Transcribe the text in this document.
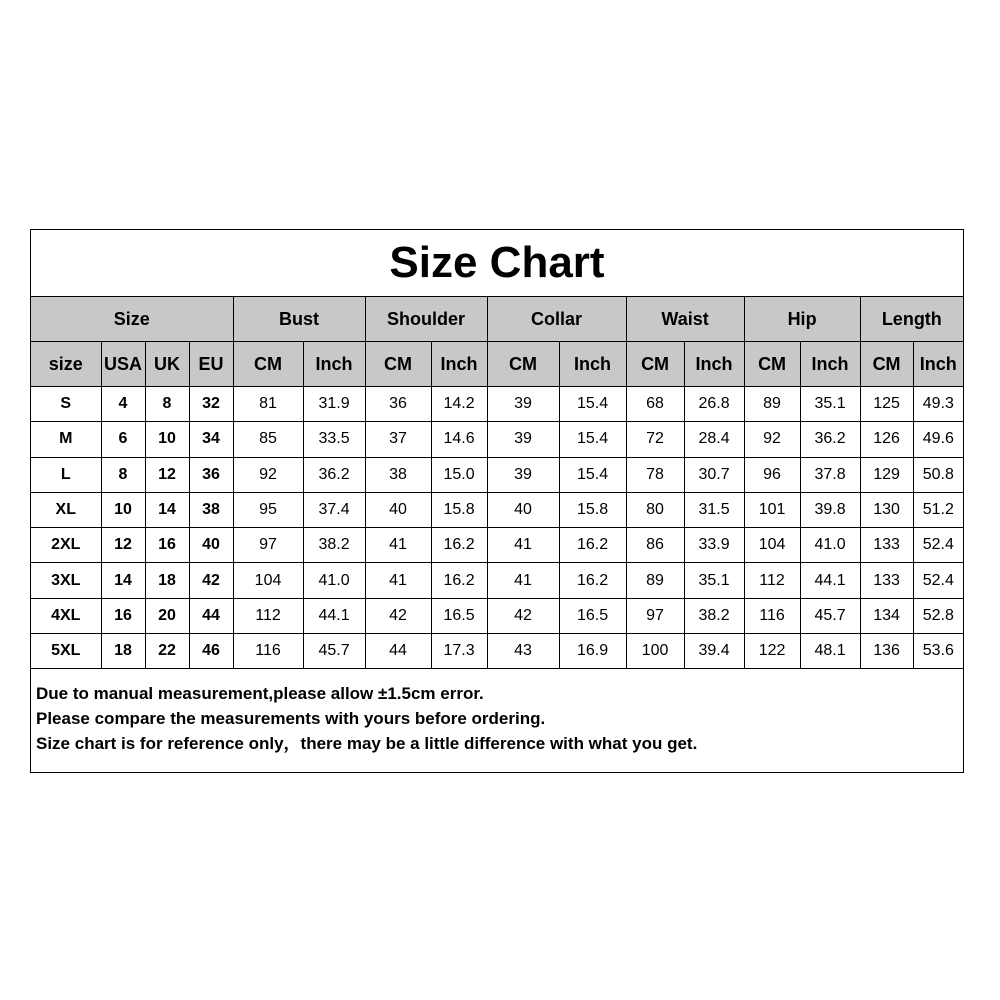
Size Chart
Size				Bust		Shoulder		Collar		Waist		Hip		Length	
size	USA	UK	EU	CM	Inch	CM	Inch	CM	Inch	CM	Inch	CM	Inch	CM	Inch
S	4	8	32	81	31.9	36	14.2	39	15.4	68	26.8	89	35.1	125	49.3
M	6	10	34	85	33.5	37	14.6	39	15.4	72	28.4	92	36.2	126	49.6
L	8	12	36	92	36.2	38	15.0	39	15.4	78	30.7	96	37.8	129	50.8
XL	10	14	38	95	37.4	40	15.8	40	15.8	80	31.5	101	39.8	130	51.2
2XL	12	16	40	97	38.2	41	16.2	41	16.2	86	33.9	104	41.0	133	52.4
3XL	14	18	42	104	41.0	41	16.2	41	16.2	89	35.1	112	44.1	133	52.4
4XL	16	20	44	112	44.1	42	16.5	42	16.5	97	38.2	116	45.7	134	52.8
5XL	18	22	46	116	45.7	44	17.3	43	16.9	100	39.4	122	48.1	136	53.6
Due to manual measurement,please allow ±1.5cm error.
Please compare the measurements with yours before ordering.
Size chart is for reference only，there may be a little difference with what you get.
